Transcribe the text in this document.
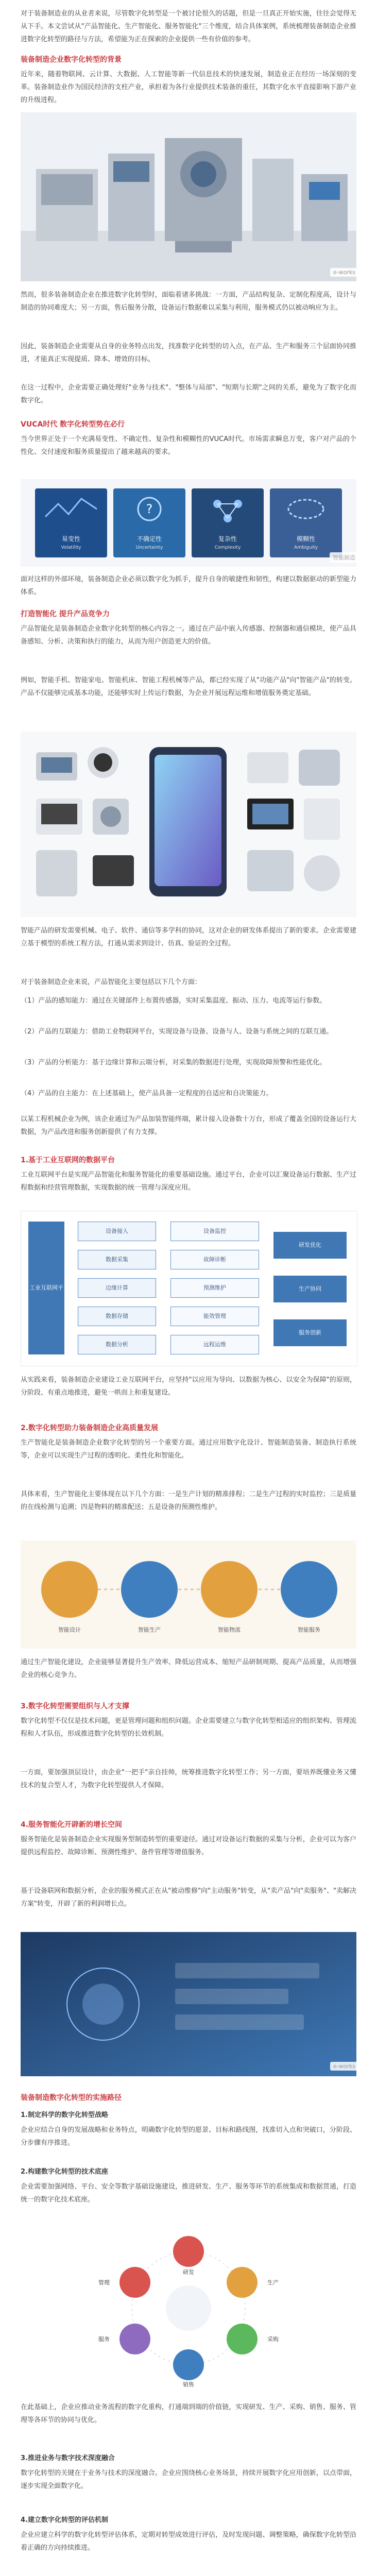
对于装备制造业的从业者来说，尽管数字化转型是一个被讨论很久的话题，但是一旦真正开始实施，往往会觉得无从下手。本文尝试从"产品智能化、生产智能化、服务智能化"三个维度，结合具体案例，系统梳理装备制造企业推进数字化转型的路径与方法，希望能为正在探索的企业提供一些有价值的参考。
装备制造企业数字化转型的背景
近年来，随着物联网、云计算、大数据、人工智能等新一代信息技术的快速发展，制造业正在经历一场深刻的变革。装备制造业作为国民经济的支柱产业，承担着为各行业提供技术装备的重任，其数字化水平直接影响下游产业的升级进程。
e-works
然而，很多装备制造企业在推进数字化转型时，面临着诸多挑战：一方面，产品结构复杂、定制化程度高，设计与制造的协同难度大；另一方面，售后服务分散，设备运行数据难以采集与利用，服务模式仍以被动响应为主。
因此，装备制造企业需要从自身的业务特点出发，找准数字化转型的切入点，在产品、生产和服务三个层面协同推进，才能真正实现提质、降本、增效的目标。
在这一过程中，企业需要正确处理好"业务与技术"、"整体与局部"、"短期与长期"之间的关系，避免为了数字化而数字化。
VUCA时代 数字化转型势在必行
当今世界正处于一个充满易变性、不确定性、复杂性和模糊性的VUCA时代。市场需求瞬息万变，客户对产品的个性化、交付速度和服务质量提出了越来越高的要求。
易变性
Volatility
?
不确定性
Uncertainty
复杂性
Complexity
模糊性
Ambiguity
智能制造
面对这样的外部环境，装备制造企业必须以数字化为抓手，提升自身的敏捷性和韧性，构建以数据驱动的新型能力体系。
打造智能化 提升产品竞争力
产品智能化是装备制造企业数字化转型的核心内容之一。通过在产品中嵌入传感器、控制器和通信模块，使产品具备感知、分析、决策和执行的能力，从而为用户创造更大的价值。
例如，智能手机、智能家电、智能机床、智能工程机械等产品，都已经实现了从"功能产品"向"智能产品"的转变。产品不仅能够完成基本功能，还能够实时上传运行数据，为企业开展远程运维和增值服务奠定基础。
智能产品的研发需要机械、电子、软件、通信等多学科的协同，这对企业的研发体系提出了新的要求。企业需要建立基于模型的系统工程方法，打通从需求到设计、仿真、验证的全过程。
对于装备制造企业来说，产品智能化主要包括以下几个方面：
（1）产品的感知能力：通过在关键部件上布置传感器，实时采集温度、振动、压力、电流等运行参数。
（2）产品的互联能力：借助工业物联网平台，实现设备与设备、设备与人、设备与系统之间的互联互通。
（3）产品的分析能力：基于边缘计算和云端分析，对采集的数据进行处理，实现故障预警和性能优化。
（4）产品的自主能力：在上述基础上，使产品具备一定程度的自适应和自决策能力。
以某工程机械企业为例，该企业通过为产品加装智能终端，累计接入设备数十万台，形成了覆盖全国的设备运行大数据，为产品改进和服务创新提供了有力支撑。
1.基于工业互联网的数据平台
工业互联网平台是实现产品智能化和服务智能化的重要基础设施。通过平台，企业可以汇聚设备运行数据、生产过程数据和经营管理数据，实现数据的统一管理与深度应用。
工业互联网平台
设备接入
数据采集
边缘计算
数据存储
数据分析
设备监控
故障诊断
预测维护
能效管理
远程运维
研发优化
生产协同
服务创新
从实践来看，装备制造企业建设工业互联网平台，应坚持"以应用为导向、以数据为核心、以安全为保障"的原则，分阶段、有重点地推进，避免一哄而上和重复建设。
2.数字化转型助力装备制造企业高质量发展
生产智能化是装备制造企业数字化转型的另一个重要方面。通过应用数字化设计、智能制造装备、制造执行系统等，企业可以实现生产过程的透明化、柔性化和智能化。
具体来看，生产智能化主要体现在以下几个方面：一是生产计划的精准排程；二是生产过程的实时监控；三是质量的在线检测与追溯；四是物料的精准配送；五是设备的预测性维护。
智能设计	智能生产	智能物流	智能服务
通过生产智能化建设，企业能够显著提升生产效率、降低运营成本、缩短产品研制周期、提高产品质量，从而增强企业的核心竞争力。
3.数字化转型需要组织与人才支撑
数字化转型不仅仅是技术问题，更是管理问题和组织问题。企业需要建立与数字化转型相适应的组织架构、管理流程和人才队伍，形成推进数字化转型的长效机制。
一方面，要加强顶层设计，由企业"一把手"亲自挂帅，统筹推进数字化转型工作；另一方面，要培养既懂业务又懂技术的复合型人才，为数字化转型提供人才保障。
4.服务智能化开辟新的增长空间
服务智能化是装备制造企业实现服务型制造转型的重要途径。通过对设备运行数据的采集与分析，企业可以为客户提供远程监控、故障诊断、预测性维护、备件管理等增值服务。
基于设备联网和数据分析，企业的服务模式正在从"被动维修"向"主动服务"转变，从"卖产品"向"卖服务"、"卖解决方案"转变，开辟了新的利润增长点。
e-works
装备制造数字化转型的实施路径
1.制定科学的数字化转型战略
企业应结合自身的发展战略和业务特点，明确数字化转型的愿景、目标和路线图，找准切入点和突破口，分阶段、分步骤有序推进。
2.构建数字化转型的技术底座
企业需要加强网络、平台、安全等数字基础设施建设，推进研发、生产、服务等环节的系统集成和数据贯通，打造统一的数字化技术底座。
研发
生产
采购
销售
服务
管理
在此基础上，企业应推动业务流程的数字化重构，打通端到端的价值链，实现研发、生产、采购、销售、服务、管理等各环节的协同与优化。
3.推进业务与数字技术深度融合
数字化转型的关键在于业务与技术的深度融合。企业应围绕核心业务场景，持续开展数字化应用创新，以点带面，逐步实现全面数字化。
4.建立数字化转型的评估机制
企业应建立科学的数字化转型评估体系，定期对转型成效进行评估，及时发现问题、调整策略，确保数字化转型沿着正确的方向持续推进。
